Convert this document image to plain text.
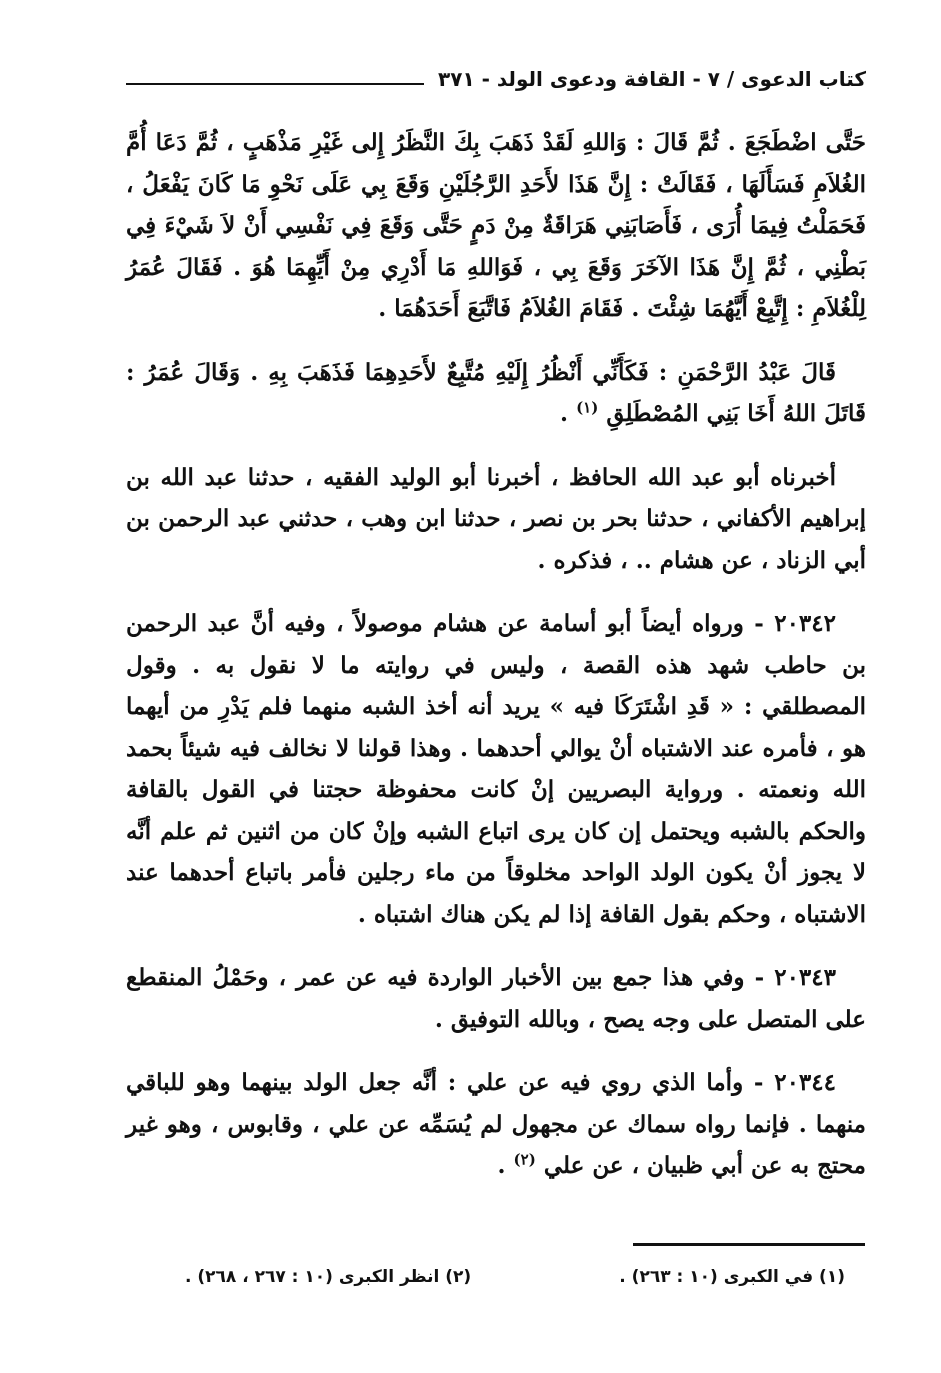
كتاب الدعوى / ٧ - القافة ودعوى الولد - ٣٧١

حَتَّى اضْطَجَعَ . ثُمَّ قَالَ : وَاللهِ لَقَدْ ذَهَبَ بِكَ النَّظَرُ إِلى غَيْرِ مَذْهَبٍ ، ثُمَّ دَعَا أُمَّ الغُلاَمِ فَسَأَلَهَا ، فَقَالَتْ : إِنَّ هَذَا لأَحَدِ الرَّجُلَيْنِ وَقَعَ بِي عَلَى نَحْوِ مَا كَانَ يَفْعَلُ ، فَحَمَلْتُ فِيمَا أُرَى ، فَأَصَابَنِي هَرَاقَةٌ مِنْ دَمٍ حَتَّى وَقَعَ فِي نَفْسِي أَنْ لاَ شَيْءَ فِي بَطْنِي ، ثُمَّ إِنَّ هَذَا الآخَرَ وَقَعَ بِي ، فَوَاللهِ مَا أَدْرِي مِنْ أَيِّهِمَا هُوَ . فَقَالَ عُمَرُ لِلْغُلاَمِ : إِتَّبِعْ أَيَّهُمَا شِئْتَ . فَقَامَ الغُلاَمُ فَاتَّبَعَ أَحَدَهُمَا .

قَالَ عَبْدُ الرَّحْمَنِ : فَكَأَنِّي أَنْظُرُ إِلَيْهِ مُتَّبِعٌ لأَحَدِهِمَا فَذَهَبَ بِهِ . وَقَالَ عُمَرُ : قَاتَلَ اللهُ أَخَا بَنِي المُصْطَلِقِ $^{(١)}$ .

أخبرناه أبو عبد الله الحافظ ، أخبرنا أبو الوليد الفقيه ، حدثنا عبد الله بن إبراهيم الأكفاني ، حدثنا بحر بن نصر ، حدثنا ابن وهب ، حدثني عبد الرحمن بن أبي الزناد ، عن هشام .. ، فذكره .

٢٠٣٤٢ - ورواه أيضاً أبو أسامة عن هشام موصولاً ، وفيه أنَّ عبد الرحمن بن حاطب شهد هذه القصة ، وليس في روايته ما لا نقول به . وقول المصطلقي : « قَدِ اشْتَرَكَا فيه » يريد أنه أخذ الشبه منهما فلم يَدْرِ من أيهما هو ، فأمره عند الاشتباه أنْ يوالي أحدهما . وهذا قولنا لا نخالف فيه شيئاً بحمد الله ونعمته . ورواية البصريين إنْ كانت محفوظة حجتنا في القول بالقافة والحكم بالشبه ويحتمل إن كان يرى اتباع الشبه وإنْ كان من اثنين ثم علم أنَّه لا يجوز أنْ يكون الولد الواحد مخلوقاً من ماء رجلين فأمر باتباع أحدهما عند الاشتباه ، وحكم بقول القافة إذا لم يكن هناك اشتباه .

٢٠٣٤٣ - وفي هذا جمع بين الأخبار الواردة فيه عن عمر ، وحَمْلُ المنقطع على المتصل على وجه يصح ، وبالله التوفيق .

٢٠٣٤٤ - وأما الذي روي فيه عن علي : أنَّه جعل الولد بينهما وهو للباقي منهما . فإنما رواه سماك عن مجهول لم يُسَمِّه عن علي ، وقابوس ، وهو غير محتج به عن أبي ظبيان ، عن علي $^{(٢)}$ .

(١) في الكبرى (١٠ : ٢٦٣) .
(٢) انظر الكبرى (١٠ : ٢٦٧ ، ٢٦٨) .
